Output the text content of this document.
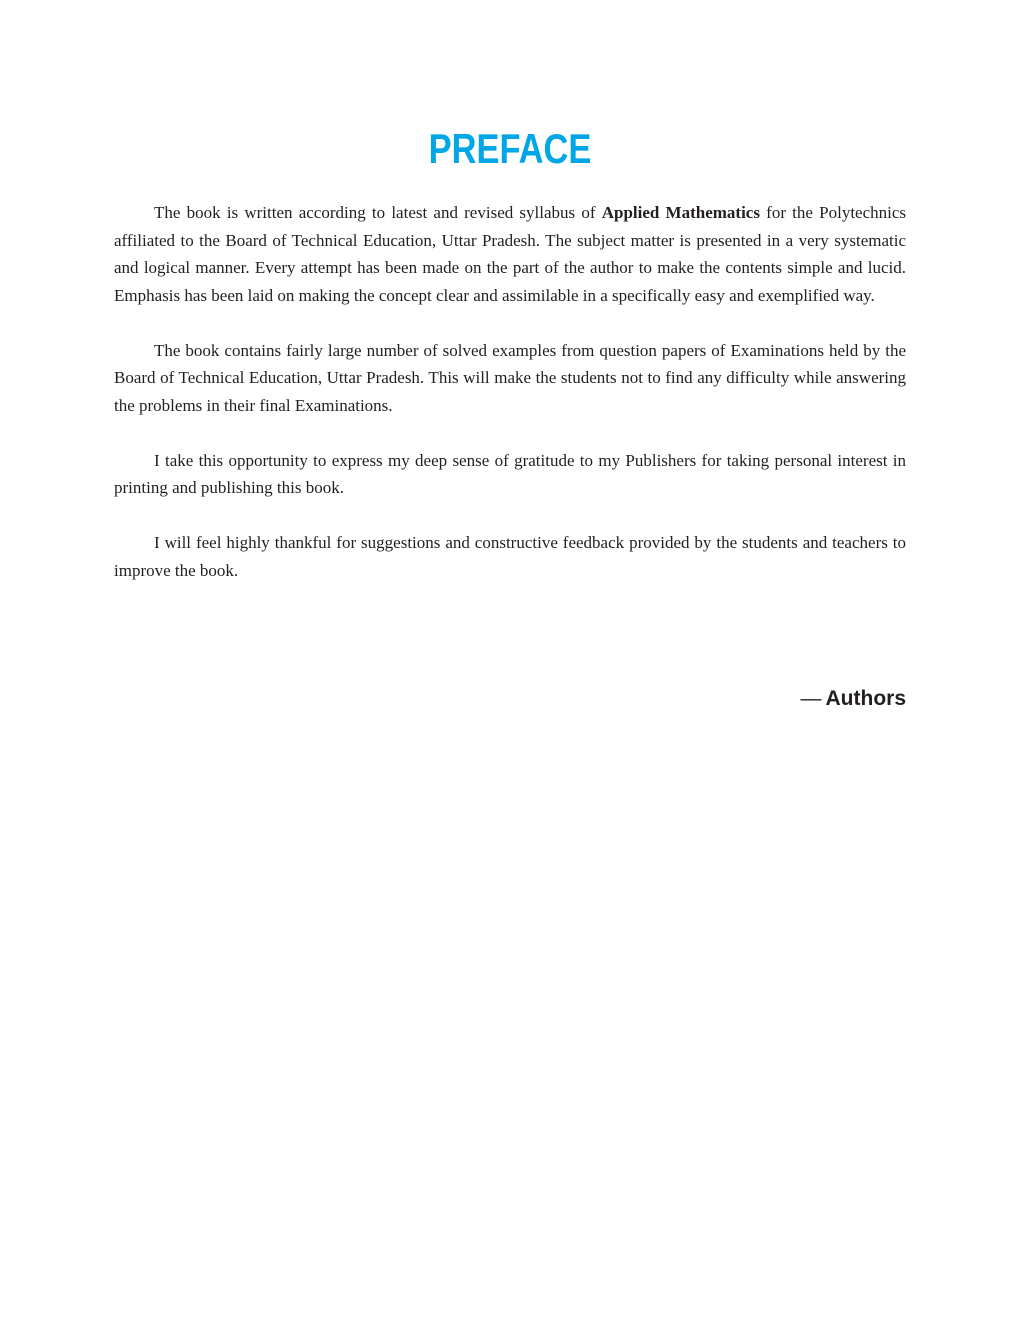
PREFACE

The book is written according to latest and revised syllabus of Applied Mathematics for the Polytechnics affiliated to the Board of Technical Education, Uttar Pradesh. The subject matter is presented in a very systematic and logical manner. Every attempt has been made on the part of the author to make the contents simple and lucid. Emphasis has been laid on making the concept clear and assimilable in a specifically easy and exemplified way.

The book contains fairly large number of solved examples from question papers of Examinations held by the Board of Technical Education, Uttar Pradesh. This will make the students not to find any difficulty while answering the problems in their final Examinations.

I take this opportunity to express my deep sense of gratitude to my Publishers for taking personal interest in printing and publishing this book.

I will feel highly thankful for suggestions and constructive feedback provided by the students and teachers to improve the book.

— Authors
